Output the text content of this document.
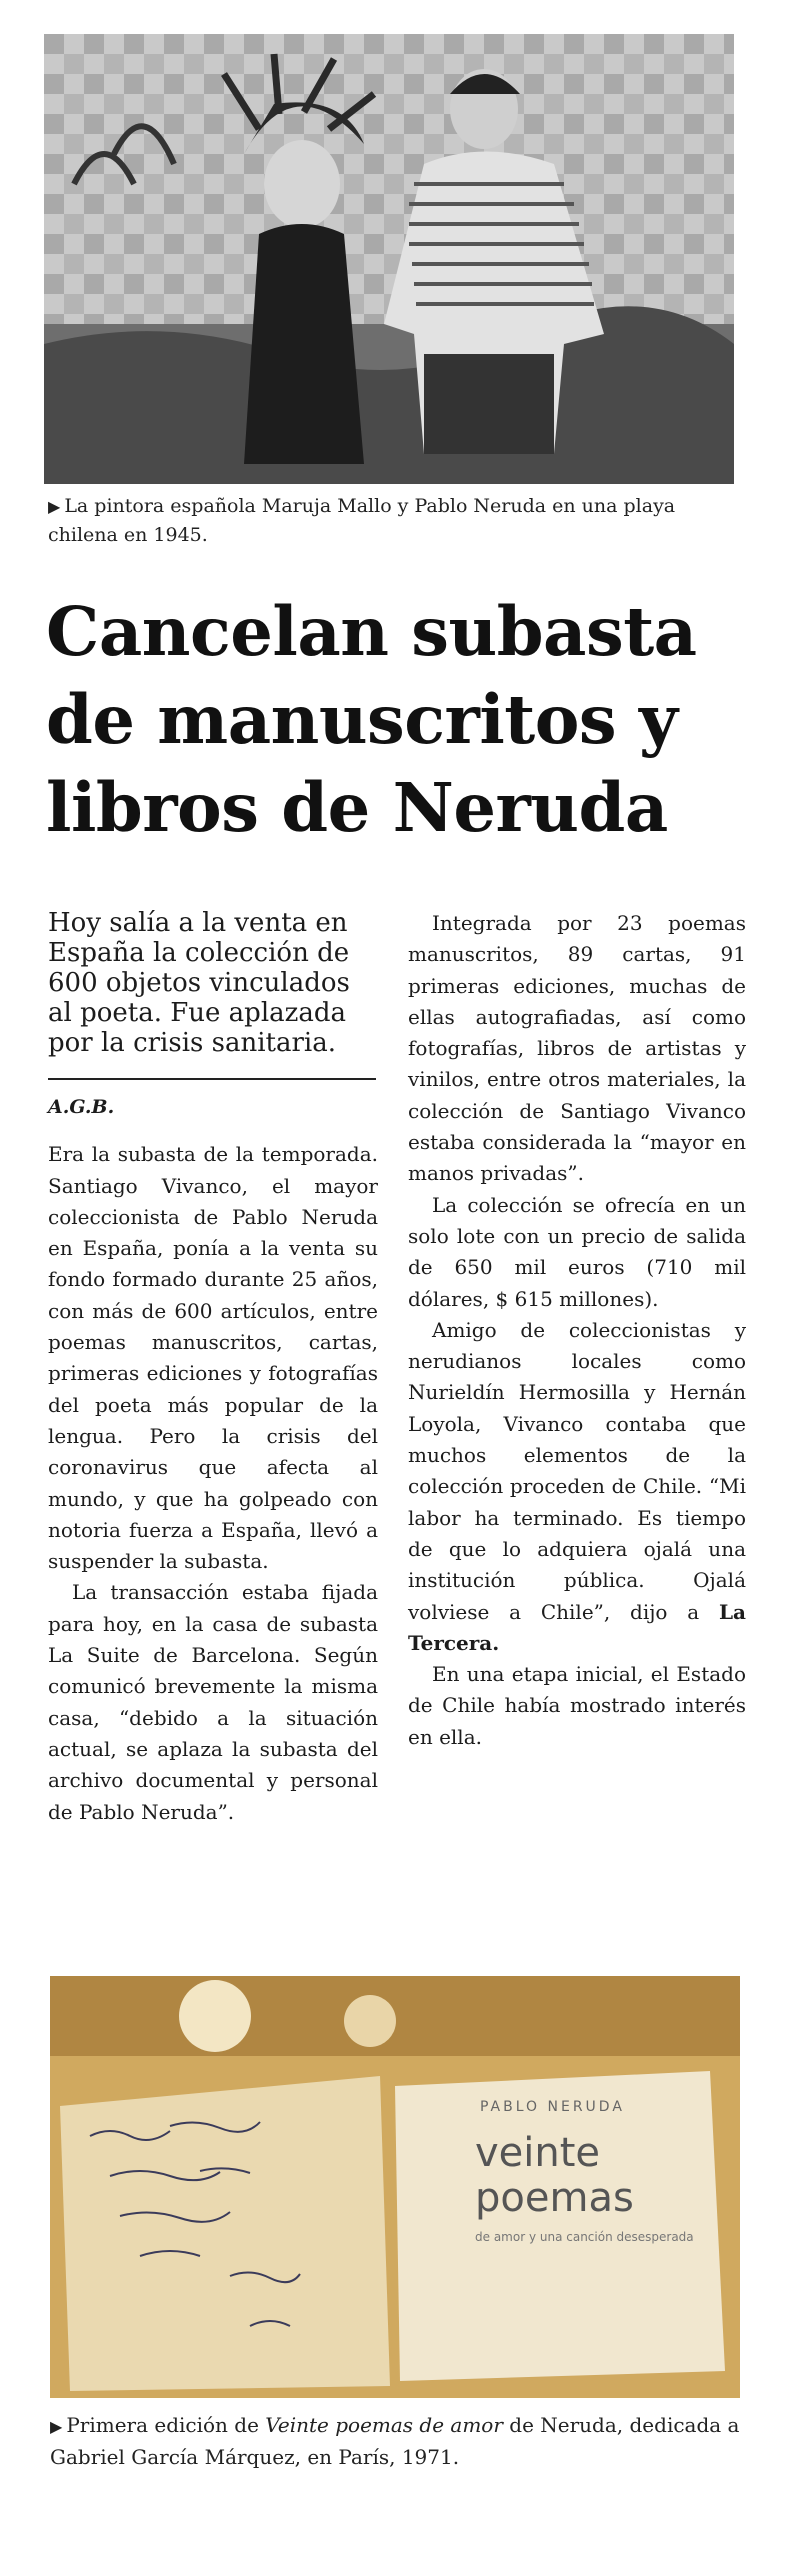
▶ La pintora española Maruja Mallo y Pablo Neruda en una playa chilena en 1945.
Cancelan subasta de manuscritos y libros de Neruda

Hoy salía a la venta en España la colección de 600 objetos vinculados al poeta. Fue aplazada por la crisis sanitaria.

A.G.B.

Era la subasta de la temporada. Santiago Vivanco, el mayor coleccionista de Pablo Neruda en España, ponía a la venta su fondo formado durante 25 años, con más de 600 artículos, entre poemas manuscritos, cartas, primeras ediciones y fotografías del poeta más popular de la lengua. Pero la crisis del coronavirus que afecta al mundo, y que ha golpeado con notoria fuerza a España, llevó a suspender la subasta.

La transacción estaba fijada para hoy, en la casa de subasta La Suite de Barcelona. Según comunicó brevemente la misma casa, “debido a la situación actual, se aplaza la subasta del archivo documental y personal de Pablo Neruda”.

Integrada por 23 poemas manuscritos, 89 cartas, 91 primeras ediciones, muchas de ellas autografiadas, así como fotografías, libros de artistas y vinilos, entre otros materiales, la colección de Santiago Vivanco estaba considerada la “mayor en manos privadas”.

La colección se ofrecía en un solo lote con un precio de salida de 650 mil euros (710 mil dólares, $ 615 millones).

Amigo de coleccionistas y nerudianos locales como Nurieldín Hermosilla y Hernán Loyola, Vivanco contaba que muchos elementos de la colección proceden de Chile. “Mi labor ha terminado. Es tiempo de que lo adquiera ojalá una institución pública. Ojalá volviese a Chile”, dijo a La Tercera.

En una etapa inicial, el Estado de Chile había mostrado interés en ella.

PABLO NERUDA
veinte
poemas
de amor y una canción desesperada
▶ Primera edición de Veinte poemas de amor de Neruda, dedicada a Gabriel García Márquez, en París, 1971.
